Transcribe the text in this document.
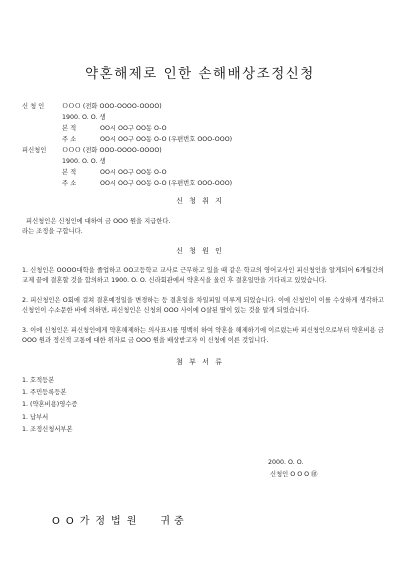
약혼해제로 인한 손해배상조정신청
신 청 인	ＯＯＯ (전화 OOO-OOOO-OOOO)
1900. O. O. 생
본 적	OO시 OO구 OO동 O-O
주 소	OO시 OO구 OO동 O-O (우편번호 OOO-OOO)
피신청인 ＯＯＯ (전화 OOO-OOOO-OOOO)
1900. O. O. 생
본 적	OO시 OO구 OO동 O-O
주 소	OO시 OO구 OO동 O-O (우편번호 OOO-OOO)
신 청 취 지
피신청인은 신청인에 대하여 금 OOO 원을 지급한다.
라는 조정을 구합니다.
신 청 원 인
1. 신청인은 OOOO대학을 졸업하고 OO고등학교 교사로 근무하고 있을 때 같은 학교의 영어교사인 피신청인을 알게되어 6개월간의 교제 끝에 결혼할 것을 합의하고 1900. O. O. 신라회관에서 약혼식을 올린 후 결혼일만을 기다리고 있었습니다.
2. 피신청인은 O회에 걸쳐 결혼예정일을 변경하는 등 결혼일을 차일피일 미루게 되었습니다. 이에 신청인이 이를 수상하게 생각하고 신청인이 수소문한 바에 의하면, 피신청인은 신청외 OOO 사이에 O살된 딸이 있는 것을 알게 되었습니다.
3. 이에 신청인은 피신청인에게 약혼해제하는 의사표시를 명백히 하여 약혼을 해제하기에 이르렀는바 피신청인으로부터 약혼비용 금 OOO 원과 정신적 고통에 대한 위자료 금 OOO 원을 배상받고자 이 신청에 이른 것입니다.
첨 부 서 류
1. 호적등본
1. 주민등록등본
1. (약혼비용)영수증
1. 납부서
1. 조정신청서부본
2000. O. O.
신청인 O O O ㊞
OO가정법원 귀중
